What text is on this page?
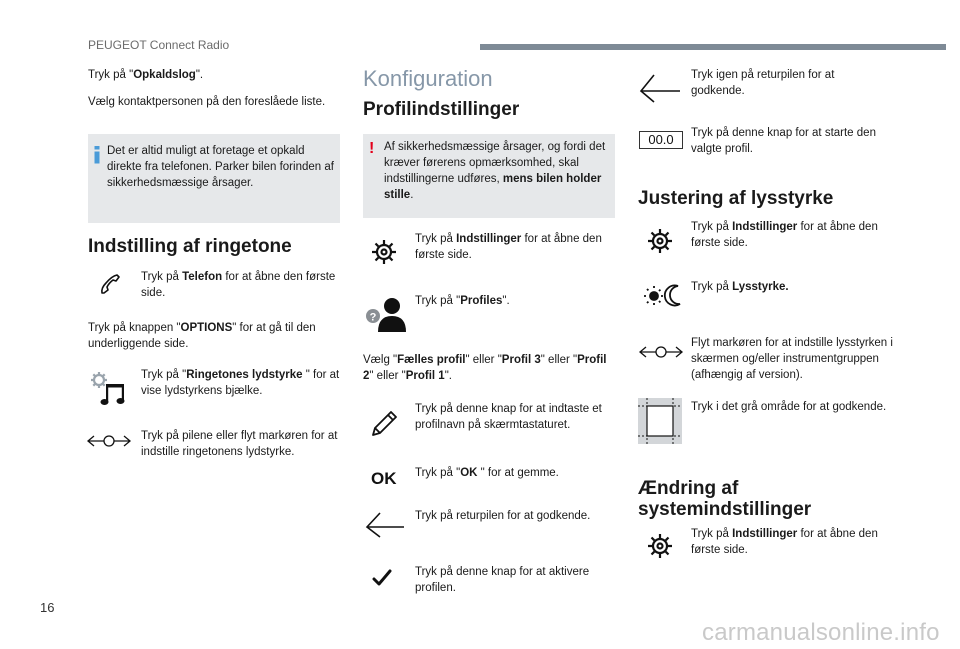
PEUGEOT Connect Radio
Tryk på "Opkaldslog".
Vælg kontaktpersonen på den foreslåede liste.
Det er altid muligt at foretage et opkald direkte fra telefonen. Parker bilen forinden af sikkerhedsmæssige årsager.
Indstilling af ringetone
Tryk på Telefon for at åbne den første side.
Tryk på knappen "OPTIONS" for at gå til den underliggende side.
Tryk på "Ringetones lydstyrke " for at vise lydstyrkens bjælke.
Tryk på pilene eller flyt markøren for at indstille ringetonens lydstyrke.
Konfiguration
Profilindstillinger
! Af sikkerhedsmæssige årsager, og fordi det kræver førerens opmærksomhed, skal indstillingerne udføres, mens bilen holder stille.
Tryk på Indstillinger for at åbne den første side.
?
Tryk på "Profiles".
Vælg "Fælles profil" eller "Profil 3" eller "Profil 2" eller "Profil 1".
Tryk på denne knap for at indtaste et profilnavn på skærmtastaturet.
OK Tryk på "OK " for at gemme.
Tryk på returpilen for at godkende.
Tryk på denne knap for at aktivere profilen.
Tryk igen på returpilen for at godkende.
00.0	Tryk på denne knap for at starte den valgte profil.
Justering af lysstyrke
Tryk på Indstillinger for at åbne den første side.
Tryk på Lysstyrke.
Flyt markøren for at indstille lysstyrken i skærmen og/eller instrumentgruppen (afhængig af version).
Tryk i det grå område for at godkende.
Ændring af
systemindstillinger
Tryk på Indstillinger for at åbne den første side.
16
carmanualsonline.info
